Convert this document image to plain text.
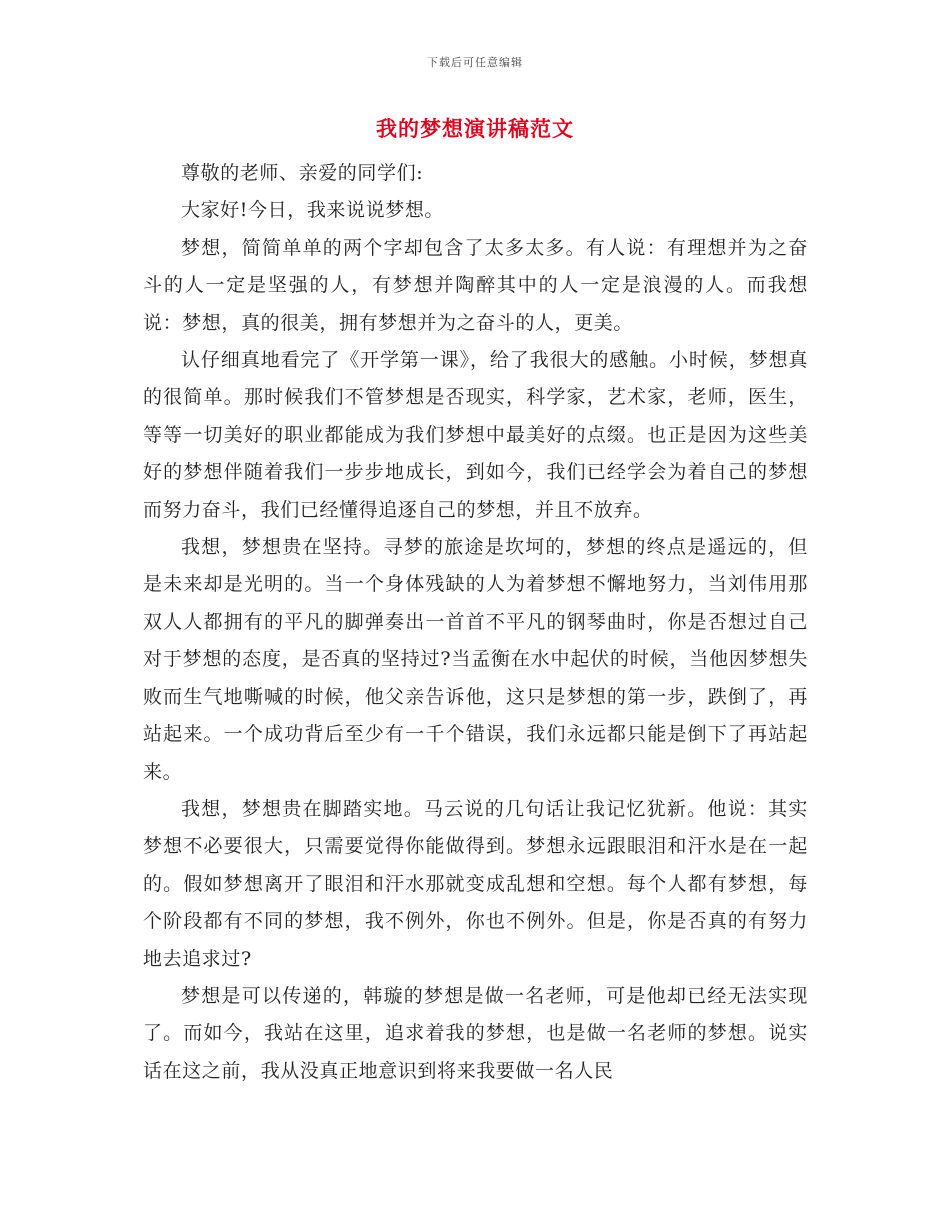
下载后可任意编辑
我的梦想演讲稿范文

尊敬的老师、亲爱的同学们:

大家好!今日，我来说说梦想。

梦想，简简单单的两个字却包含了太多太多。有人说：有理想并为之奋斗的人一定是坚强的人，有梦想并陶醉其中的人一定是浪漫的人。而我想说：梦想，真的很美，拥有梦想并为之奋斗的人，更美。

认仔细真地看完了《开学第一课》，给了我很大的感触。小时候，梦想真的很简单。那时候我们不管梦想是否现实，科学家，艺术家，老师，医生，等等一切美好的职业都能成为我们梦想中最美好的点缀。也正是因为这些美好的梦想伴随着我们一步步地成长，到如今，我们已经学会为着自己的梦想而努力奋斗，我们已经懂得追逐自己的梦想，并且不放弃。

我想，梦想贵在坚持。寻梦的旅途是坎坷的，梦想的终点是遥远的，但是未来却是光明的。当一个身体残缺的人为着梦想不懈地努力，当刘伟用那双人人都拥有的平凡的脚弹奏出一首首不平凡的钢琴曲时，你是否想过自己对于梦想的态度，是否真的坚持过?当孟衡在水中起伏的时候，当他因梦想失败而生气地嘶喊的时候，他父亲告诉他，这只是梦想的第一步，跌倒了，再站起来。一个成功背后至少有一千个错误，我们永远都只能是倒下了再站起来。

我想，梦想贵在脚踏实地。马云说的几句话让我记忆犹新。他说：其实梦想不必要很大，只需要觉得你能做得到。梦想永远跟眼泪和汗水是在一起的。假如梦想离开了眼泪和汗水那就变成乱想和空想。每个人都有梦想，每个阶段都有不同的梦想，我不例外，你也不例外。但是，你是否真的有努力地去追求过?

梦想是可以传递的，韩璇的梦想是做一名老师，可是他却已经无法实现了。而如今，我站在这里，追求着我的梦想，也是做一名老师的梦想。说实话在这之前，我从没真正地意识到将来我要做一名人民
